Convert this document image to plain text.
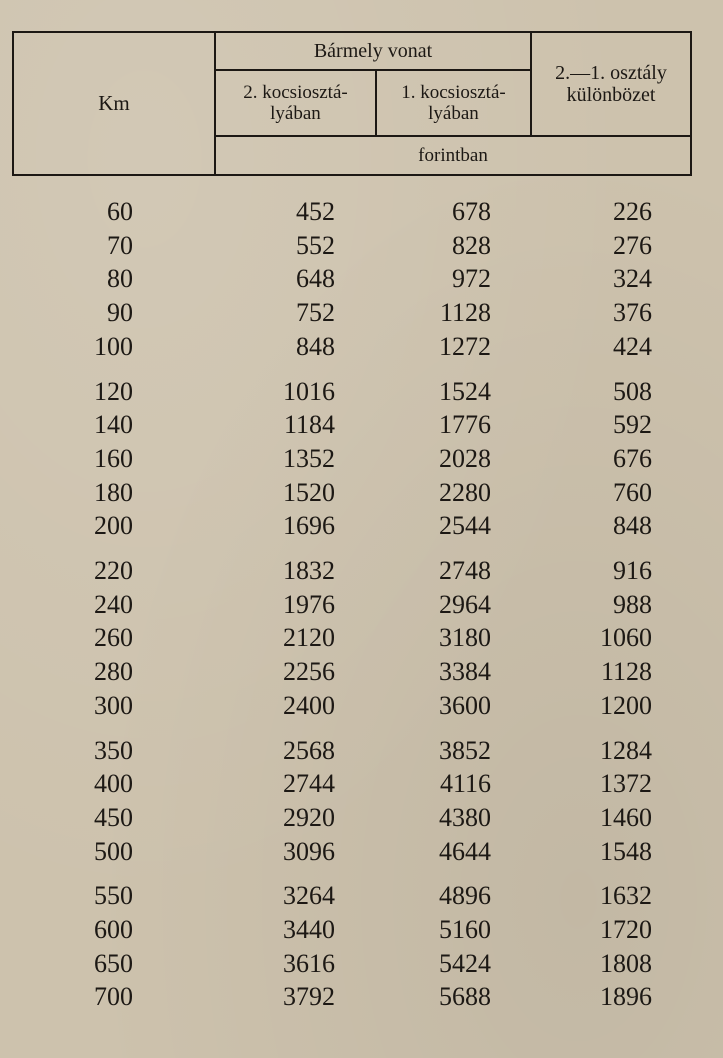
Km
Bármely vonat
2. kocsiosztá-
lyában
1. kocsiosztá-
lyában
2.—1. osztály
különbözet
forintban
60	452	678	226
70	552	828	276
80	648	972	324
90	752	1128	376
100	848	1272	424
120	1016	1524	508
140	1184	1776	592
160	1352	2028	676
180	1520	2280	760
200	1696	2544	848
220	1832	2748	916
240	1976	2964	988
260	2120	3180	1060
280	2256	3384	1128
300	2400	3600	1200
350	2568	3852	1284
400	2744	4116	1372
450	2920	4380	1460
500	3096	4644	1548
550	3264	4896	1632
600	3440	5160	1720
650	3616	5424	1808
700	3792	5688	1896
